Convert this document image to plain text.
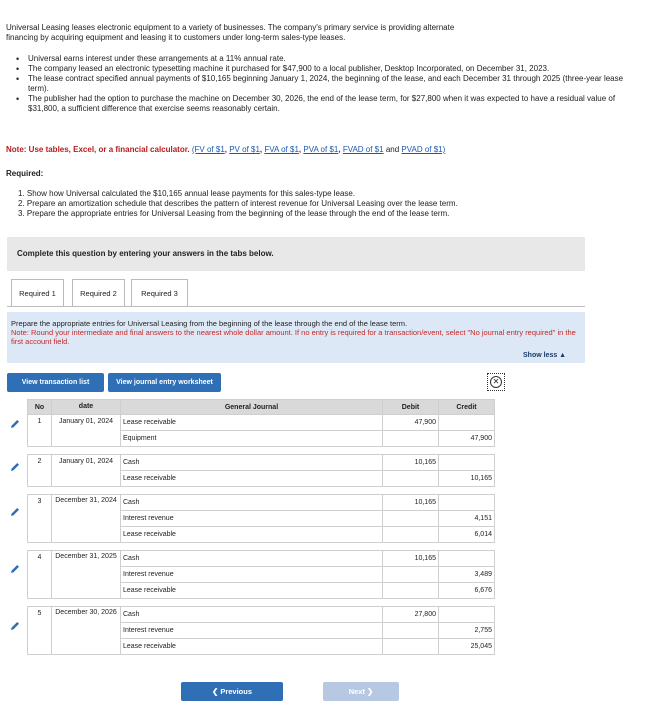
Universal Leasing leases electronic equipment to a variety of businesses. The company's primary service is providing alternate
financing by acquiring equipment and leasing it to customers under long-term sales-type leases.
• Universal earns interest under these arrangements at a 11% annual rate.
• The company leased an electronic typesetting machine it purchased for $47,900 to a local publisher, Desktop Incorporated, on December 31, 2023.
• The lease contract specified annual payments of $10,165 beginning January 1, 2024, the beginning of the lease, and each December 31 through 2025 (three-year lease term).
• The publisher had the option to purchase the machine on December 30, 2026, the end of the lease term, for $27,800 when it was expected to have a residual value of $31,800, a sufficient difference that exercise seems reasonably certain.
Note: Use tables, Excel, or a financial calculator. (FV of $1, PV of $1, FVA of $1, PVA of $1, FVAD of $1 and PVAD of $1)
Required:
1. Show how Universal calculated the $10,165 annual lease payments for this sales-type lease.
2. Prepare an amortization schedule that describes the pattern of interest revenue for Universal Leasing over the lease term.
3. Prepare the appropriate entries for Universal Leasing from the beginning of the lease through the end of the lease term.
Complete this question by entering your answers in the tabs below.
Required 1	Required 2	Required 3
Prepare the appropriate entries for Universal Leasing from the beginning of the lease through the end of the lease term.
Note: Round your intermediate and final answers to the nearest whole dollar amount. If no entry is required for a transaction/event, select "No journal entry required" in the first account field.
Show less ▲
View transaction list	View journal entry worksheet	✕
No	date	General Journal	Debit	Credit
1	January 01, 2024	Lease receivable	47,900	
		Equipment		47,900

2	January 01, 2024	Cash	10,165	
		Lease receivable		10,165

3	December 31, 2024	Cash	10,165	
		Interest revenue		4,151
		Lease receivable		6,014

4	December 31, 2025	Cash	10,165	
		Interest revenue		3,489
		Lease receivable		6,676

5	December 30, 2026	Cash	27,800	
		Interest revenue		2,755
		Lease receivable		25,045
❮ Previous	Next ❯
